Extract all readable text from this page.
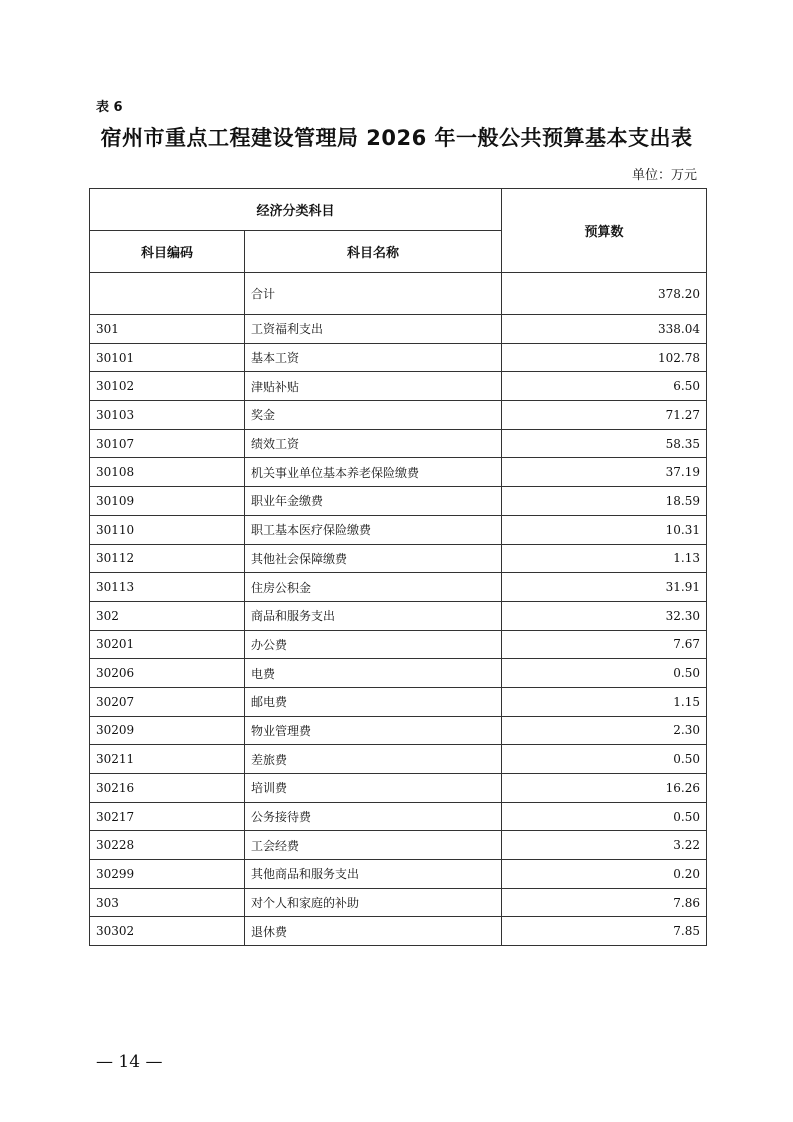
表 6
宿州市重点工程建设管理局 2026 年一般公共预算基本支出表
单位：万元
经济分类科目		预算数
科目编码	科目名称	
	合计	378.20
301	工资福利支出	338.04
30101	基本工资	102.78
30102	津贴补贴	6.50
30103	奖金	71.27
30107	绩效工资	58.35
30108	机关事业单位基本养老保险缴费	37.19
30109	职业年金缴费	18.59
30110	职工基本医疗保险缴费	10.31
30112	其他社会保障缴费	1.13
30113	住房公积金	31.91
302	商品和服务支出	32.30
30201	办公费	7.67
30206	电费	0.50
30207	邮电费	1.15
30209	物业管理费	2.30
30211	差旅费	0.50
30216	培训费	16.26
30217	公务接待费	0.50
30228	工会经费	3.22
30299	其他商品和服务支出	0.20
303	对个人和家庭的补助	7.86
30302	退休费	7.85
— 14 —
